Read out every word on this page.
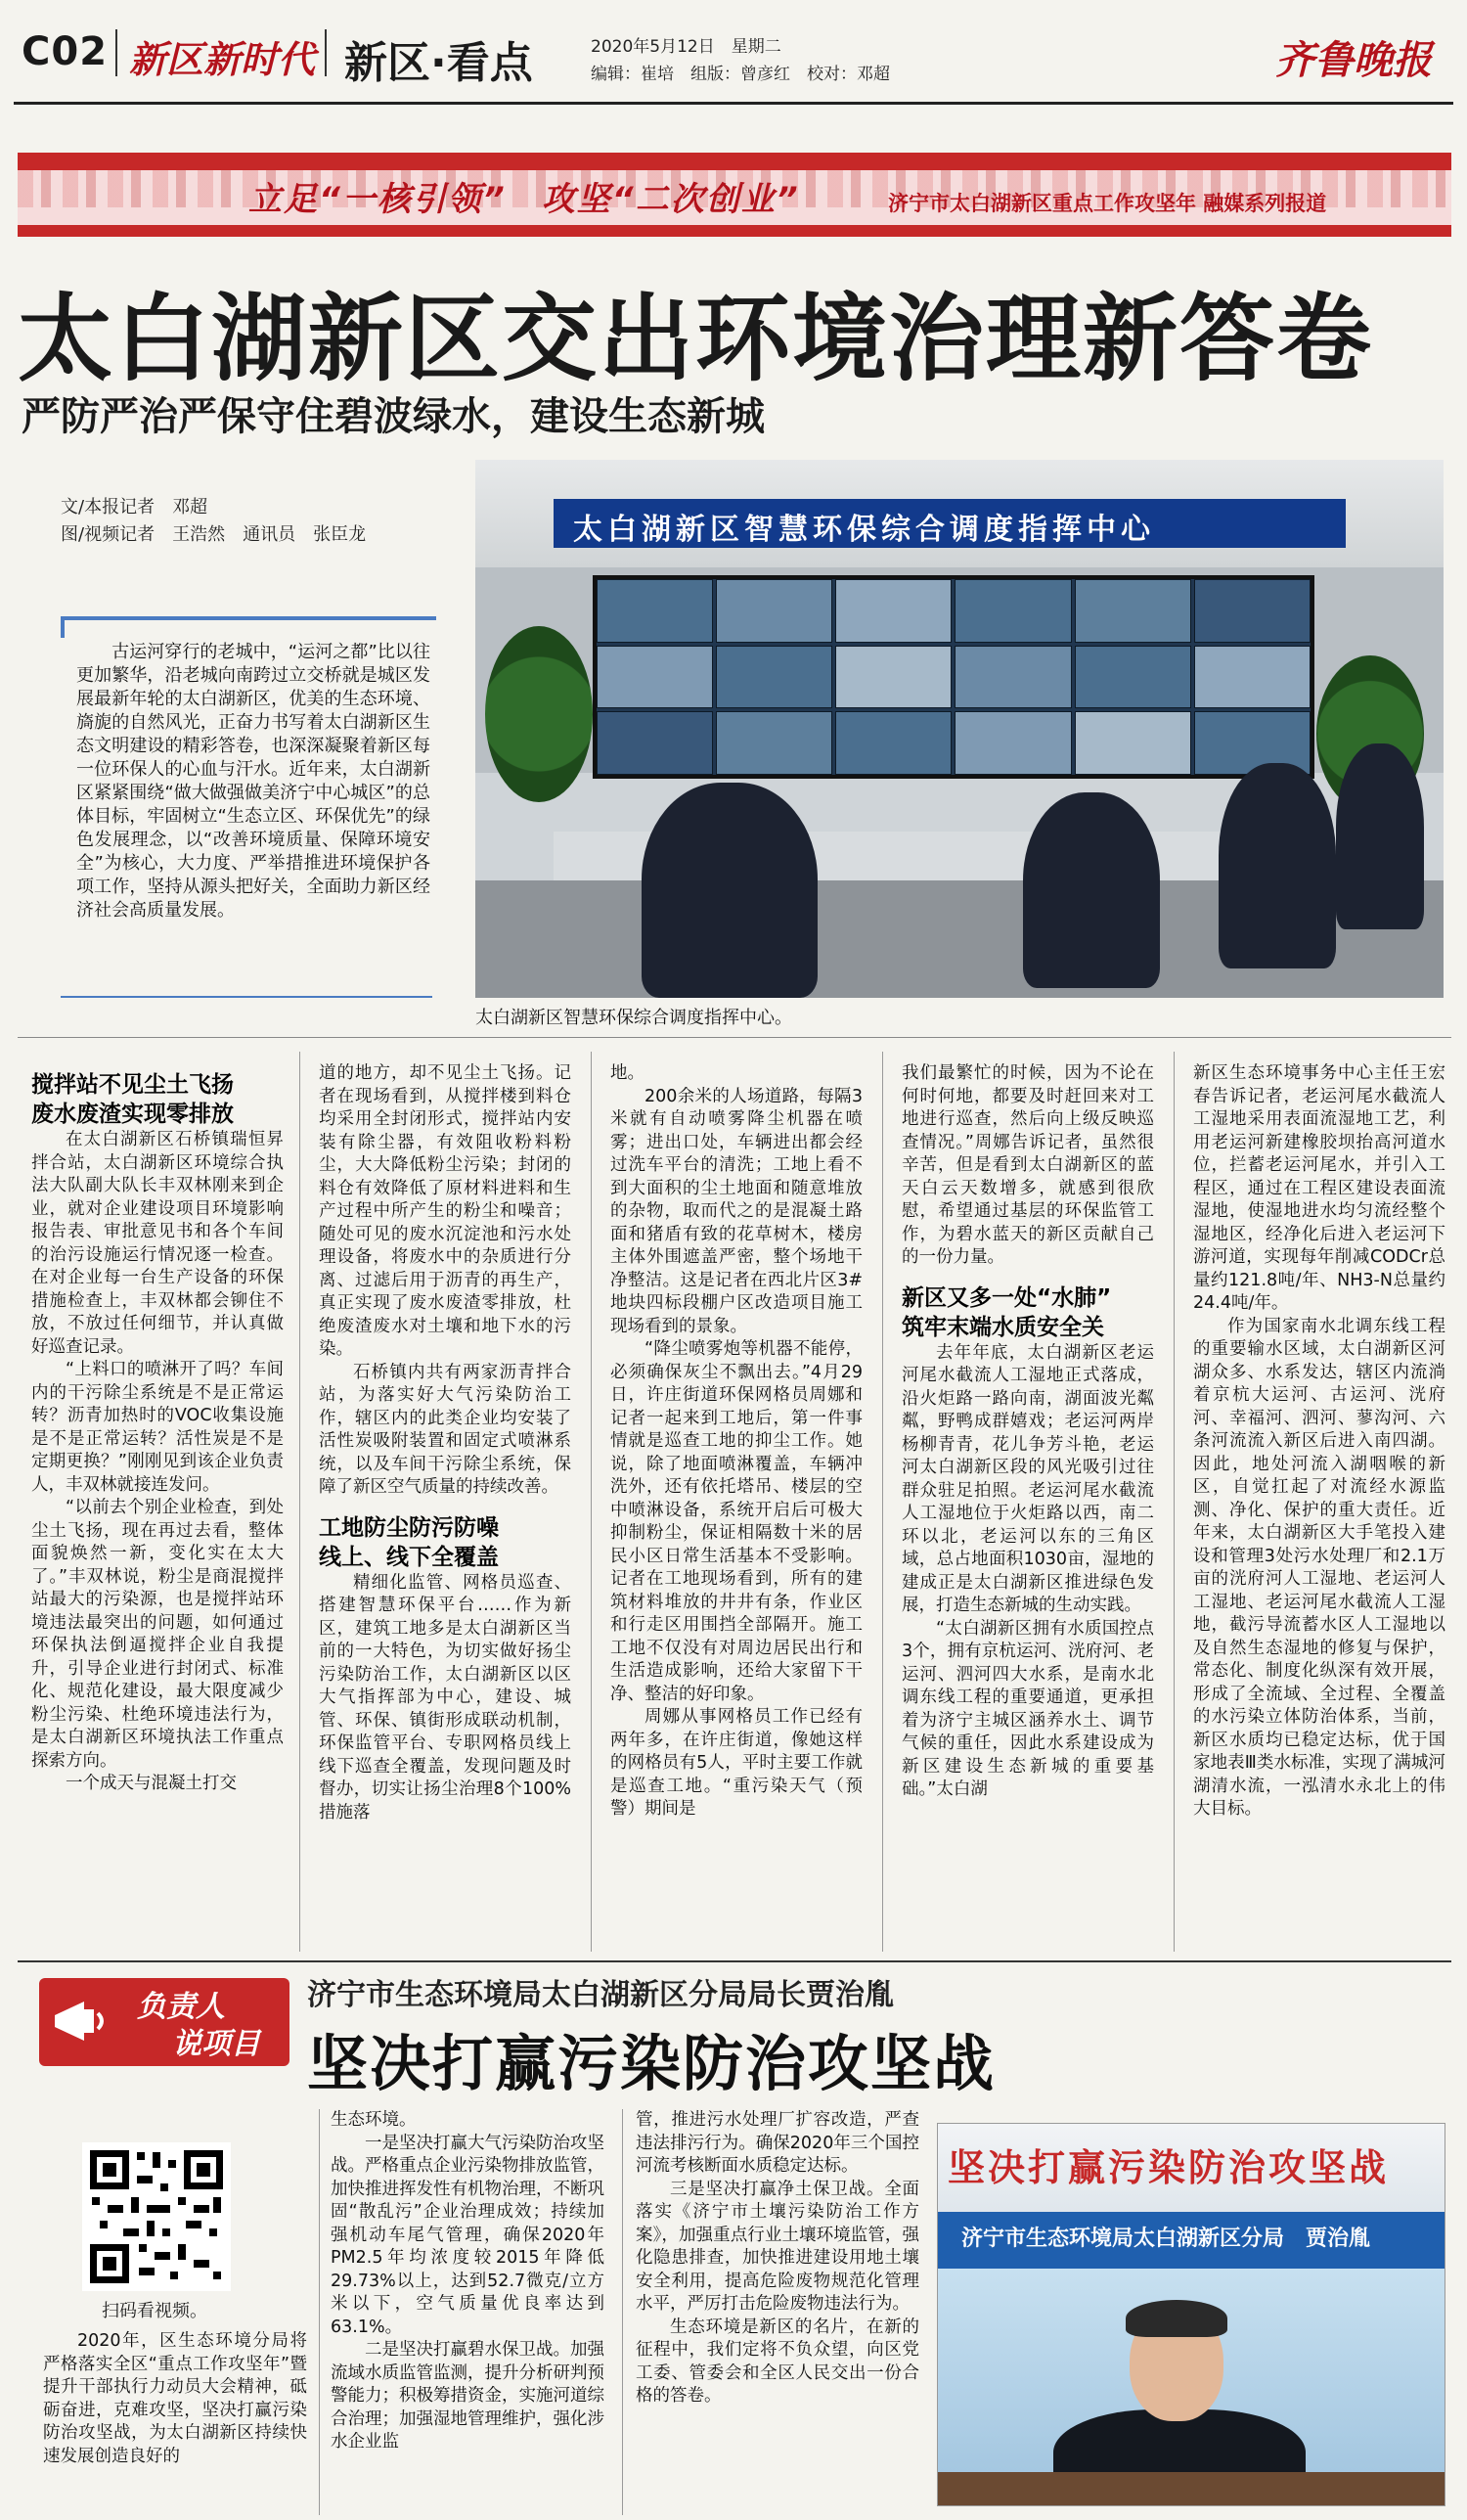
C02 新区新时代 新区·看点	2020年5月12日　星期二
编辑：崔培　组版：曾彦红　校对：邓超	齐鲁晚报
立足“一核引领”　攻坚“二次创业”	济宁市太白湖新区重点工作攻坚年 融媒系列报道
太白湖新区交出环境治理新答卷
严防严治严保守住碧波绿水，建设生态新城
文/本报记者　邓超
图/视频记者　王浩然　通讯员　张臣龙	太白湖新区智慧环保综合调度指挥中心
太白湖新区智慧环保综合调度指挥中心。
古运河穿行的老城中，“运河之都”比以往更加繁华，沿老城向南跨过立交桥就是城区发展最新年轮的太白湖新区，优美的生态环境、旖旎的自然风光，正奋力书写着太白湖新区生态文明建设的精彩答卷，也深深凝聚着新区每一位环保人的心血与汗水。近年来，太白湖新区紧紧围绕“做大做强做美济宁中心城区”的总体目标，牢固树立“生态立区、环保优先”的绿色发展理念，以“改善环境质量、保障环境安全”为核心，大力度、严举措推进环境保护各项工作，坚持从源头把好关，全面助力新区经济社会高质量发展。

搅拌站不见尘土飞扬
废水废渣实现零排放

在太白湖新区石桥镇瑞恒昇拌合站，太白湖新区环境综合执法大队副大队长丰双林刚来到企业，就对企业建设项目环境影响报告表、审批意见书和各个车间的治污设施运行情况逐一检查。在对企业每一台生产设备的环保措施检查上，丰双林都会铆住不放，不放过任何细节，并认真做好巡查记录。

“上料口的喷淋开了吗？车间内的干污除尘系统是不是正常运转？沥青加热时的VOC收集设施是不是正常运转？活性炭是不是定期更换？”刚刚见到该企业负责人，丰双林就接连发问。

“以前去个别企业检查，到处尘土飞扬，现在再过去看，整体面貌焕然一新，变化实在太大了。”丰双林说，粉尘是商混搅拌站最大的污染源，也是搅拌站环境违法最突出的问题，如何通过环保执法倒逼搅拌企业自我提升，引导企业进行封闭式、标准化、规范化建设，最大限度减少粉尘污染、杜绝环境违法行为，是太白湖新区环境执法工作重点探索方向。

一个成天与混凝土打交

道的地方，却不见尘土飞扬。记者在现场看到，从搅拌楼到料仓均采用全封闭形式，搅拌站内安装有除尘器，有效阻收粉料粉尘，大大降低粉尘污染；封闭的料仓有效降低了原材料进料和生产过程中所产生的粉尘和噪音；随处可见的废水沉淀池和污水处理设备，将废水中的杂质进行分离、过滤后用于沥青的再生产，真正实现了废水废渣零排放，杜绝废渣废水对土壤和地下水的污染。

石桥镇内共有两家沥青拌合站，为落实好大气污染防治工作，辖区内的此类企业均安装了活性炭吸附装置和固定式喷淋系统，以及车间干污除尘系统，保障了新区空气质量的持续改善。

工地防尘防污防噪
线上、线下全覆盖

精细化监管、网格员巡查、搭建智慧环保平台……作为新区，建筑工地多是太白湖新区当前的一大特色，为切实做好扬尘污染防治工作，太白湖新区以区大气指挥部为中心，建设、城管、环保、镇街形成联动机制，环保监管平台、专职网格员线上线下巡查全覆盖，发现问题及时督办，切实让扬尘治理8个100%措施落

地。

200余米的人场道路，每隔3米就有自动喷雾降尘机器在喷雾；进出口处，车辆进出都会经过洗车平台的清洗；工地上看不到大面积的尘土地面和随意堆放的杂物，取而代之的是混凝土路面和猪盾有致的花草树木，楼房主体外围遮盖严密，整个场地干净整洁。这是记者在西北片区3#地块四标段棚户区改造项目施工现场看到的景象。

“降尘喷雾炮等机器不能停，必须确保灰尘不飘出去。”4月29日，许庄街道环保网格员周娜和记者一起来到工地后，第一件事情就是巡查工地的抑尘工作。她说，除了地面喷淋覆盖，车辆冲洗外，还有依托塔吊、楼层的空中喷淋设备，系统开启后可极大抑制粉尘，保证相隔数十米的居民小区日常生活基本不受影响。记者在工地现场看到，所有的建筑材料堆放的井井有条，作业区和行走区用围挡全部隔开。施工工地不仅没有对周边居民出行和生活造成影响，还给大家留下干净、整洁的好印象。

周娜从事网格员工作已经有两年多，在许庄街道，像她这样的网格员有5人，平时主要工作就是巡查工地。“重污染天气（预警）期间是

我们最繁忙的时候，因为不论在何时何地，都要及时赶回来对工地进行巡查，然后向上级反映巡查情况。”周娜告诉记者，虽然很辛苦，但是看到太白湖新区的蓝天白云天数增多，就感到很欣慰，希望通过基层的环保监管工作，为碧水蓝天的新区贡献自己的一份力量。

新区又多一处“水肺”
筑牢末端水质安全关

去年年底，太白湖新区老运河尾水截流人工湿地正式落成，沿火炬路一路向南，湖面波光粼粼，野鸭成群嬉戏；老运河两岸杨柳青青，花儿争芳斗艳，老运河太白湖新区段的风光吸引过往群众驻足拍照。老运河尾水截流人工湿地位于火炬路以西，南二环以北，老运河以东的三角区域，总占地面积1030亩，湿地的建成正是太白湖新区推进绿色发展，打造生态新城的生动实践。

“太白湖新区拥有水质国控点3个，拥有京杭运河、洸府河、老运河、泗河四大水系，是南水北调东线工程的重要通道，更承担着为济宁主城区涵养水土、调节气候的重任，因此水系建设成为新区建设生态新城的重要基础。”太白湖

新区生态环境事务中心主任王宏春告诉记者，老运河尾水截流人工湿地采用表面流湿地工艺，利用老运河新建橡胶坝抬高河道水位，拦蓄老运河尾水，并引入工程区，通过在工程区建设表面流湿地，使湿地进水均匀流经整个湿地区，经净化后进入老运河下游河道，实现每年削减CODCr总量约121.8吨/年、NH3-N总量约24.4吨/年。

作为国家南水北调东线工程的重要输水区域，太白湖新区河湖众多、水系发达，辖区内流淌着京杭大运河、古运河、洸府河、幸福河、泗河、蓼沟河、六条河流流入新区后进入南四湖。因此，地处河流入湖咽喉的新区，自觉扛起了对流经水源监测、净化、保护的重大责任。近年来，太白湖新区大手笔投入建设和管理3处污水处理厂和2.1万亩的洸府河人工湿地、老运河人工湿地、老运河尾水截流人工湿地，截污导流蓄水区人工湿地以及自然生态湿地的修复与保护，常态化、制度化纵深有效开展，形成了全流域、全过程、全覆盖的水污染立体防治体系，当前，新区水质均已稳定达标，优于国家地表Ⅲ类水标准，实现了满城河湖清水流，一泓清水永北上的伟大目标。

负责人
说项目
济宁市生态环境局太白湖新区分局局长贾治胤
坚决打赢污染防治攻坚战
扫码看视频。

2020年，区生态环境分局将严格落实全区“重点工作攻坚年”暨提升干部执行力动员大会精神，砥砺奋进，克难攻坚，坚决打赢污染防治攻坚战，为太白湖新区持续快速发展创造良好的

生态环境。

一是坚决打赢大气污染防治攻坚战。严格重点企业污染物排放监管，加快推进挥发性有机物治理，不断巩固“散乱污”企业治理成效；持续加强机动车尾气管理，确保2020年PM2.5年均浓度较2015年降低29.73%以上，达到52.7微克/立方米以下，空气质量优良率达到63.1%。

二是坚决打赢碧水保卫战。加强流域水质监管监测，提升分析研判预警能力；积极筹措资金，实施河道综合治理；加强湿地管理维护，强化涉水企业监

管，推进污水处理厂扩容改造，严查违法排污行为。确保2020年三个国控河流考核断面水质稳定达标。

三是坚决打赢净土保卫战。全面落实《济宁市土壤污染防治工作方案》，加强重点行业土壤环境监管，强化隐患排查，加快推进建设用地土壤安全利用，提高危险废物规范化管理水平，严厉打击危险废物违法行为。

生态环境是新区的名片，在新的征程中，我们定将不负众望，向区党工委、管委会和全区人民交出一份合格的答卷。

坚决打赢污染防治攻坚战
济宁市生态环境局太白湖新区分局　贾治胤
